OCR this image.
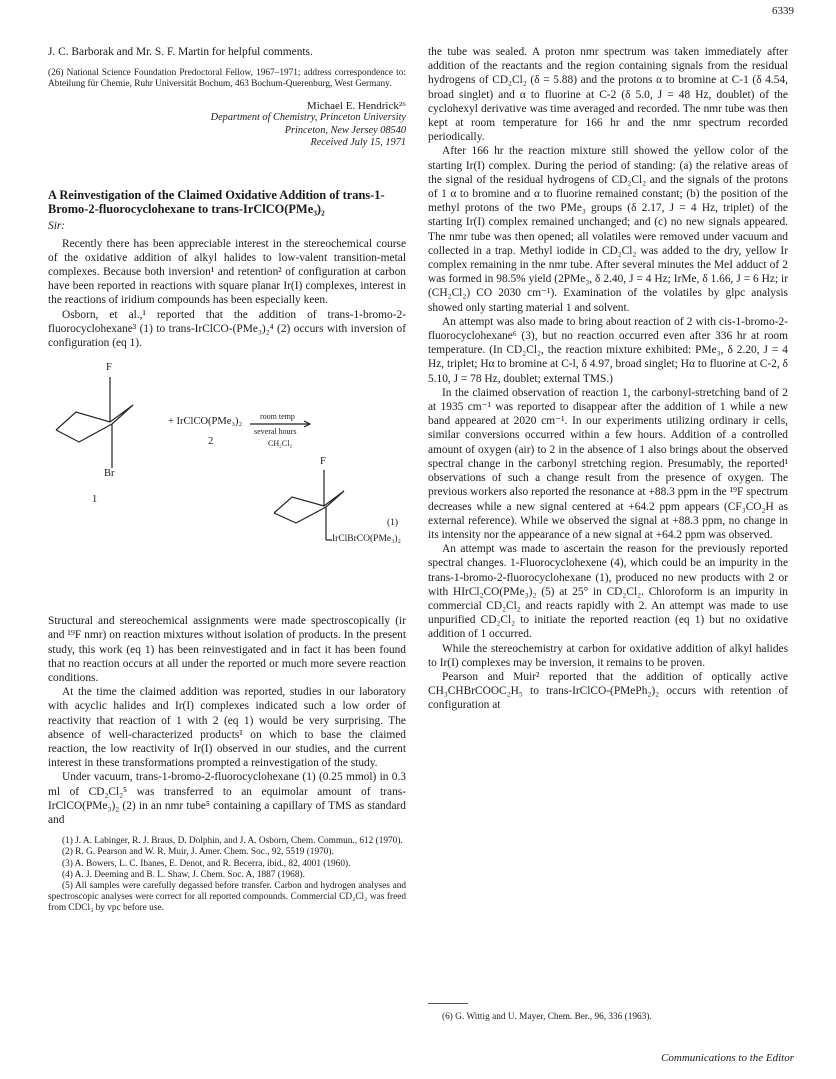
6339

J. C. Barborak and Mr. S. F. Martin for helpful comments.

(26) National Science Foundation Predoctoral Fellow, 1967–1971; address correspondence to: Abteilung für Chemie, Ruhr Universität Bochum, 463 Bochum-Querenburg, West Germany.

Michael E. Hendrick²⁶
Department of Chemistry, Princeton University
Princeton, New Jersey 08540
Received July 15, 1971

A Reinvestigation of the Claimed Oxidative Addition of trans-1-Bromo-2-fluorocyclohexane to trans-IrClCO(PMe₃)₂

Sir:

Recently there has been appreciable interest in the stereochemical course of the oxidative addition of alkyl halides to low-valent transition-metal complexes. Because both inversion¹ and retention² of configuration at carbon have been reported in reactions with square planar Ir(I) complexes, interest in the reactions of iridium compounds has been especially keen.

Osborn, et al.,¹ reported that the addition of trans-1-bromo-2-fluorocyclohexane³ (1) to trans-IrClCO-(PMe₃)₂⁴ (2) occurs with inversion of configuration (eq 1).

F
Br
1
+ IrClCO(PMe₃)₂
2
room temp
several hours
CH₂Cl₂
F
IrClBrCO(PMe₃)₂
(1)

Structural and stereochemical assignments were made spectroscopically (ir and ¹⁹F nmr) on reaction mixtures without isolation of products. In the present study, this work (eq 1) has been reinvestigated and in fact it has been found that no reaction occurs at all under the reported or much more severe reaction conditions.

At the time the claimed addition was reported, studies in our laboratory with acyclic halides and Ir(I) complexes indicated such a low order of reactivity that reaction of 1 with 2 (eq 1) would be very surprising. The absence of well-characterized products¹ on which to base the claimed reaction, the low reactivity of Ir(I) observed in our studies, and the current interest in these transformations prompted a reinvestigation of the study.

Under vacuum, trans-1-bromo-2-fluorocyclohexane (1) (0.25 mmol) in 0.3 ml of CD₂Cl₂⁵ was transferred to an equimolar amount of trans-IrClCO(PMe₃)₂ (2) in an nmr tube⁵ containing a capillary of TMS as standard and

(1) J. A. Labinger, R. J. Braus, D. Dolphin, and J. A. Osborn, Chem. Commun., 612 (1970).

(2) R. G. Pearson and W. R. Muir, J. Amer. Chem. Soc., 92, 5519 (1970).

(3) A. Bowers, L. C. Ibanes, E. Denot, and R. Becerra, ibid., 82, 4001 (1960).

(4) A. J. Deeming and B. L. Shaw, J. Chem. Soc. A, 1887 (1968).

(5) All samples were carefully degassed before transfer. Carbon and hydrogen analyses and spectroscopic analyses were correct for all reported compounds. Commercial CD₂Cl₂ was freed from CDCl₃ by vpc before use.

the tube was sealed. A proton nmr spectrum was taken immediately after addition of the reactants and the region containing signals from the residual hydrogens of CD₂Cl₂ (δ = 5.88) and the protons α to bromine at C-1 (δ 4.54, broad singlet) and α to fluorine at C-2 (δ 5.0, J = 48 Hz, doublet) of the cyclohexyl derivative was time averaged and recorded. The nmr tube was then kept at room temperature for 166 hr and the nmr spectrum recorded periodically.

After 166 hr the reaction mixture still showed the yellow color of the starting Ir(I) complex. During the period of standing: (a) the relative areas of the signal of the residual hydrogens of CD₂Cl₂ and the signals of the protons of 1 α to bromine and α to fluorine remained constant; (b) the position of the methyl protons of the two PMe₃ groups (δ 2.17, J = 4 Hz, triplet) of the starting Ir(I) complex remained unchanged; and (c) no new signals appeared. The nmr tube was then opened; all volatiles were removed under vacuum and collected in a trap. Methyl iodide in CD₂Cl₂ was added to the dry, yellow Ir complex remaining in the nmr tube. After several minutes the MeI adduct of 2 was formed in 98.5% yield (2PMe₃, δ 2.40, J = 4 Hz; IrMe, δ 1.66, J = 6 Hz; ir (CH₂Cl₂) CO 2030 cm⁻¹). Examination of the volatiles by glpc analysis showed only starting material 1 and solvent.

An attempt was also made to bring about reaction of 2 with cis-1-bromo-2-fluorocyclohexane⁶ (3), but no reaction occurred even after 336 hr at room temperature. (In CD₂Cl₂, the reaction mixture exhibited: PMe₃, δ 2.20, J = 4 Hz, triplet; Hα to bromine at C-l, δ 4.97, broad singlet; Hα to fluorine at C-2, δ 5.10, J = 78 Hz, doublet; external TMS.)

In the claimed observation of reaction 1, the carbonyl-stretching band of 2 at 1935 cm⁻¹ was reported to disappear after the addition of 1 while a new band appeared at 2020 cm⁻¹. In our experiments utilizing ordinary ir cells, similar conversions occurred within a few hours. Addition of a controlled amount of oxygen (air) to 2 in the absence of 1 also brings about the observed spectral change in the carbonyl stretching region. Presumably, the reported¹ observations of such a change result from the presence of oxygen. The previous workers also reported the resonance at +88.3 ppm in the ¹⁹F spectrum decreases while a new signal centered at +64.2 ppm appears (CF₃CO₂H as external reference). While we observed the signal at +88.3 ppm, no change in its intensity nor the appearance of a new signal at +64.2 ppm was observed.

An attempt was made to ascertain the reason for the previously reported spectral changes. 1-Fluorocyclohexene (4), which could be an impurity in the trans-1-bromo-2-fluorocyclohexane (1), produced no new products with 2 or with HIrCl₂CO(PMe₃)₂ (5) at 25° in CD₂Cl₂. Chloroform is an impurity in commercial CD₂Cl₂ and reacts rapidly with 2. An attempt was made to use unpurified CD₂Cl₂ to initiate the reported reaction (eq 1) but no oxidative addition of 1 occurred.

While the stereochemistry at carbon for oxidative addition of alkyl halides to Ir(I) complexes may be inversion, it remains to be proven.

Pearson and Muir² reported that the addition of optically active CH₃CHBrCOOC₂H₅ to trans-IrClCO-(PMePh₂)₂ occurs with retention of configuration at

(6) G. Wittig and U. Mayer, Chem. Ber., 96, 336 (1963).

Communications to the Editor
